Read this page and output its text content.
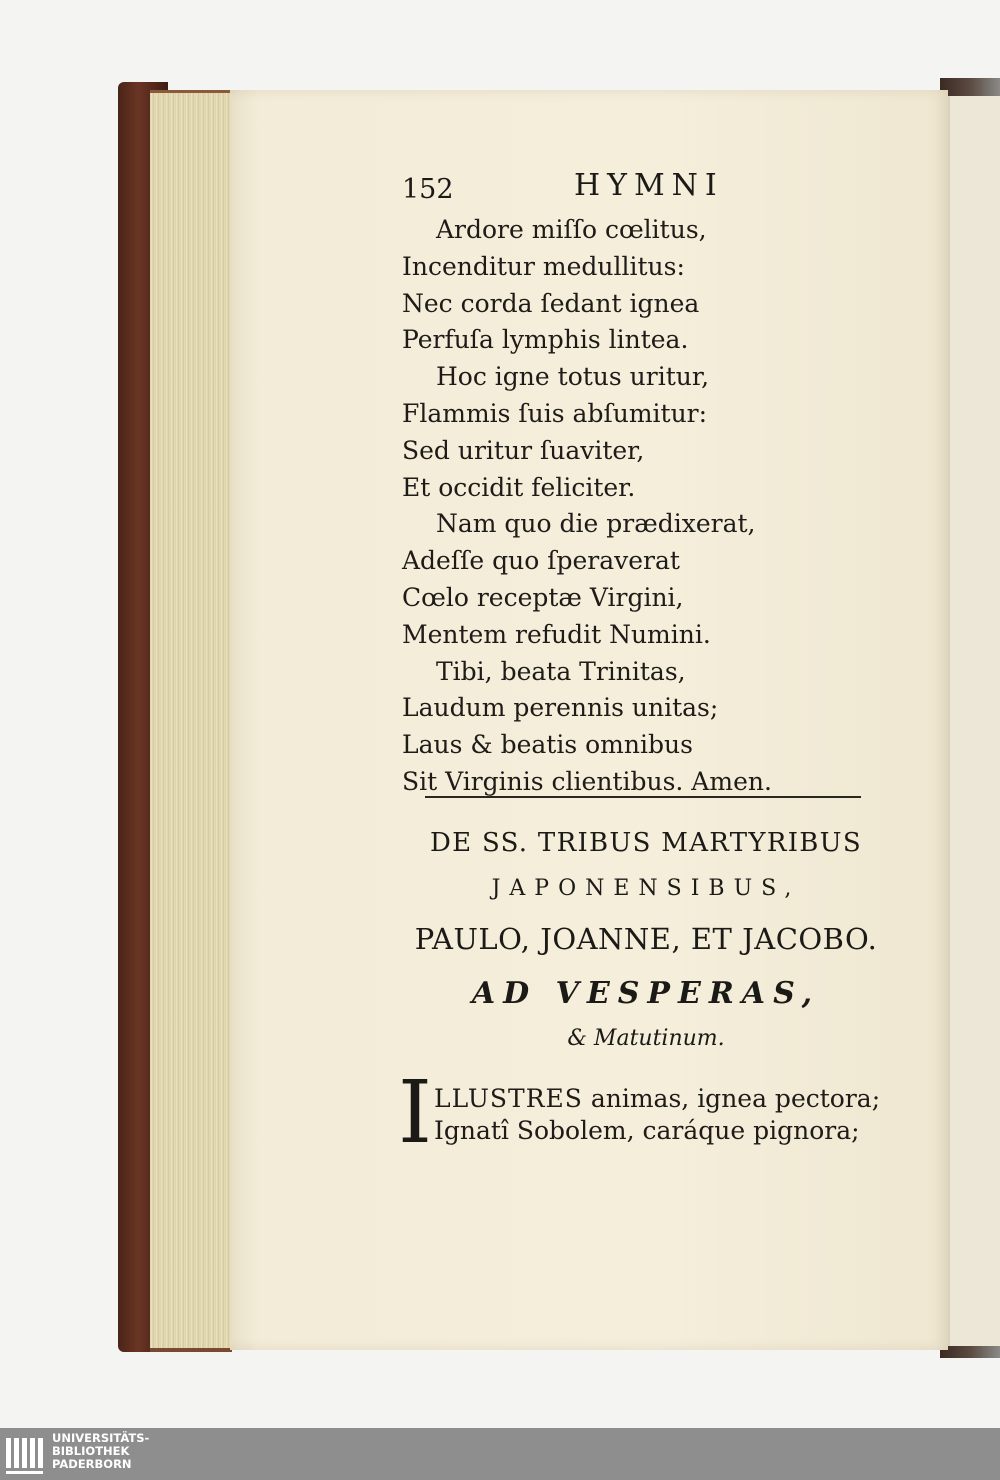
152	HYMNI
Ardore miſſo cœlitus,
Incenditur medullitus:
Nec corda ſedant ignea
Perfuſa lymphis lintea.
Hoc igne totus uritur,
Flammis ſuis abſumitur:
Sed uritur ſuaviter,
Et occidit feliciter.
Nam quo die prædixerat,
Adeſſe quo ſperaverat
Cœlo receptæ Virgini,
Mentem refudit Numini.
Tibi, beata Trinitas,
Laudum perennis unitas;
Laus & beatis omnibus
Sit Virginis clientibus. Amen.
DE SS. TRIBUS MARTYRIBUS
JAPONENSIBUS,
PAULO, JOANNE, ET JACOBO.
AD VESPERAS,
& Matutinum.
I LLUSTRES animas, ignea pectora;
Ignatî Sobolem, caráque pignora;
UNIVERSITÄTS-
BIBLIOTHEK
PADERBORN
